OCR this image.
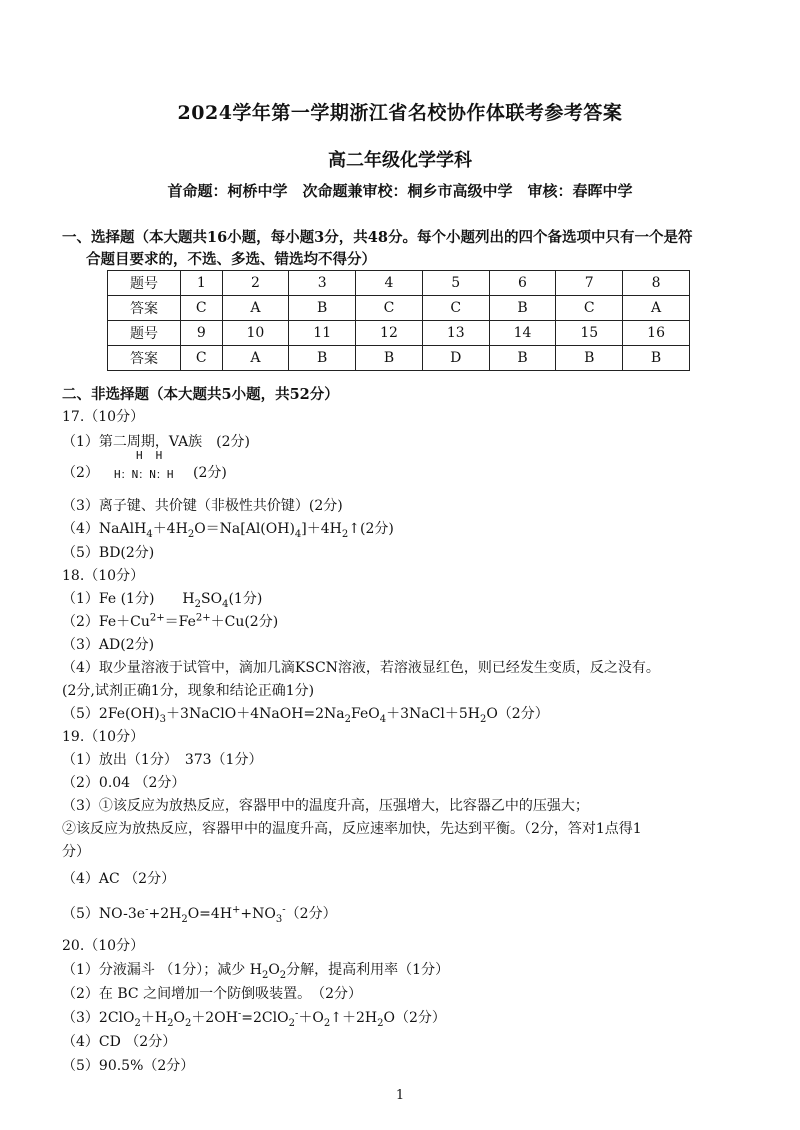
2024学年第一学期浙江省名校协作体联考参考答案
高二年级化学学科
首命题：柯桥中学　次命题兼审校：桐乡市高级中学　审核：春晖中学
一、选择题（本大题共16小题，每小题3分，共48分。每个小题列出的四个备选项中只有一个是符
合题目要求的，不选、多选、错选均不得分）
题号	1	2	3	4	5	6	7	8
答案	C	A	B	C	C	B	C	A
题号	9	10	11	12	13	14	15	16
答案	C	A	B	B	D	B	B	B
二、非选择题（本大题共5小题，共52分）
17.（10分）
（1）第二周期，VA族　(2分)
（2）
H　H
H：N：N：H (2分)
（3）离子键、共价键（非极性共价键）(2分)
$(4)NaAlH_4+4H_2O=Na[Al(OH)_4]+4H_2↑(2$分)
（5）BD(2分)
18.（10分）
（1）Fe (1分)　　$H_2SO_4(1$分)
$(2)Fe+Cu^{2+}=Fe^{2+}+Cu(2$分)
（3）AD(2分)
（4）取少量溶液于试管中，滴加几滴KSCN溶液，若溶液显红色，则已经发生变质，反之没有。
(2分,试剂正确1分，现象和结论正确1分)
$(5)2Fe(OH)_3+3NaClO+4NaOH=2Na_2FeO_4+3NaCl+5H_2O(2$分）
19.（10分）
（1）放出（1分）　373（1分）
（2）0.04 （2分）
（3）①该反应为放热反应，容器甲中的温度升高，压强增大，比容器乙中的压强大；
②该反应为放热反应，容器甲中的温度升高，反应速率加快，先达到平衡。（2分，答对1点得1
分）
（4）AC （2分）
$(5)NO-3e^-+2H_2O=4H^++NO_3^-(2$分）
20.（10分）
（1）分液漏斗 （1分）；减少 $H_2O_2$分解，提高利用率（1分）
（2）在 BC 之间增加一个防倒吸装置。　（2分）
$(3)2ClO_2+H_2O_2+2OH^-=2ClO_2^-+O_2↑+2H_2O(2$分）
（4）CD （2分）
（5）90.5%（2分）
1
